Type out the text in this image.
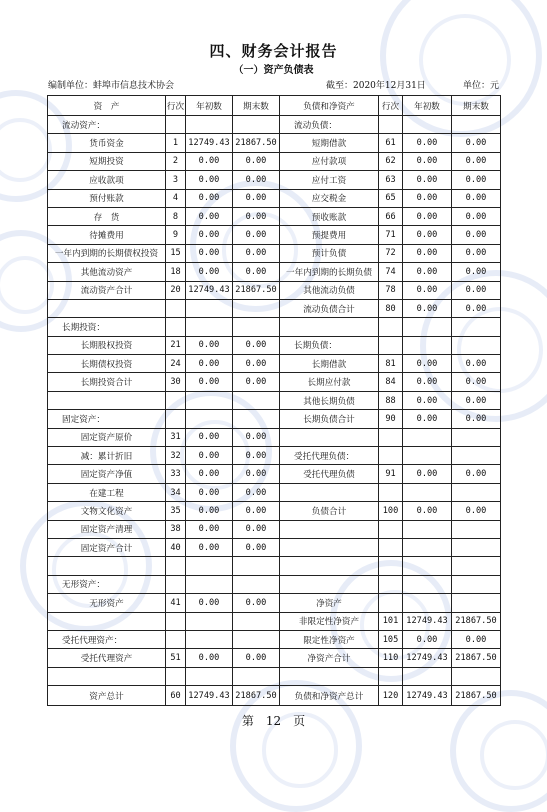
四、财务会计报告
（一）资产负债表
编制单位：蚌埠市信息技术协会	截至：2020年12月31日	单位：元
资　产	行次	年初数	期末数	负债和净资产	行次	年初数	期末数
流动资产：				流动负债：			
货币资金	1	12749.43	21867.50	短期借款	61	0.00	0.00
短期投资	2	0.00	0.00	应付款项	62	0.00	0.00
应收款项	3	0.00	0.00	应付工资	63	0.00	0.00
预付账款	4	0.00	0.00	应交税金	65	0.00	0.00
存　货	8	0.00	0.00	预收账款	66	0.00	0.00
待摊费用	9	0.00	0.00	预提费用	71	0.00	0.00
一年内到期的长期债权投资	15	0.00	0.00	预计负债	72	0.00	0.00
其他流动资产	18	0.00	0.00	一年内到期的长期负债	74	0.00	0.00
流动资产合计	20	12749.43	21867.50	其他流动负债	78	0.00	0.00
				流动负债合计	80	0.00	0.00
长期投资：							
长期股权投资	21	0.00	0.00	长期负债：			
长期债权投资	24	0.00	0.00	长期借款	81	0.00	0.00
长期投资合计	30	0.00	0.00	长期应付款	84	0.00	0.00
				其他长期负债	88	0.00	0.00
固定资产：				长期负债合计	90	0.00	0.00
固定资产原价	31	0.00	0.00				
减：累计折旧	32	0.00	0.00	受托代理负债：			
固定资产净值	33	0.00	0.00	受托代理负债	91	0.00	0.00
在建工程	34	0.00	0.00				
文物文化资产	35	0.00	0.00	负债合计	100	0.00	0.00
固定资产清理	38	0.00	0.00				
固定资产合计	40	0.00	0.00				

无形资产：							
无形资产	41	0.00	0.00	净资产			
				非限定性净资产	101	12749.43	21867.50
受托代理资产：				限定性净资产	105	0.00	0.00
受托代理资产	51	0.00	0.00	净资产合计	110	12749.43	21867.50

资产总计	60	12749.43	21867.50	负债和净资产总计	120	12749.43	21867.50
第　12　页
